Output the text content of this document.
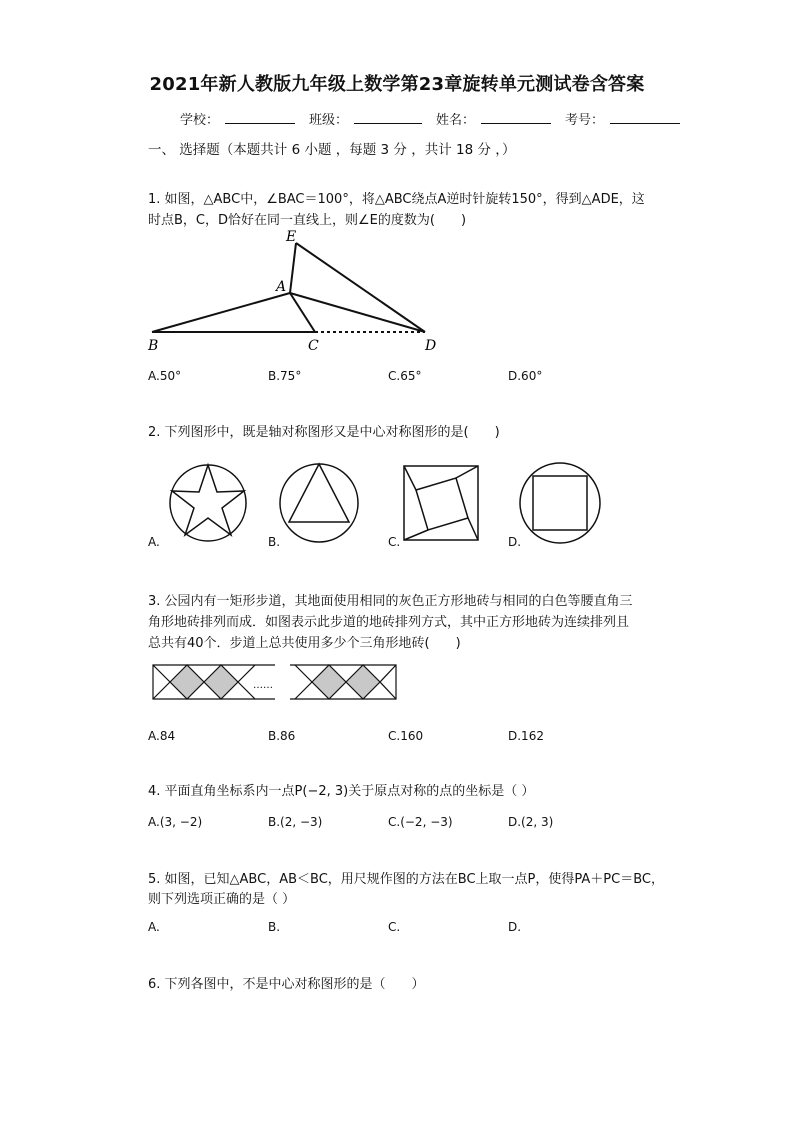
2021年新人教版九年级上数学第23章旋转单元测试卷含答案
学校：	班级：	姓名：	考号：
一、 选择题（本题共计 6 小题 ，每题 3 分 ，共计 18 分 ，）
1. 如图，△ABC中，∠BAC＝100°，将△ABC绕点A逆时针旋转150°，得到△ADE，这
时点B，C，D恰好在同一直线上，则∠E的度数为(　　)
E
A
B	C	D
A.50°	B.75°	C.65°	D.60°
2. 下列图形中，既是轴对称图形又是中心对称图形的是(　　)
A.	B.	C.	D.
3. 公园内有一矩形步道，其地面使用相同的灰色正方形地砖与相同的白色等腰直角三
角形地砖排列而成．如图表示此步道的地砖排列方式，其中正方形地砖为连续排列且
总共有40个．步道上总共使用多少个三角形地砖(　　)
……
A.84	B.86	C.160	D.162
4. 平面直角坐标系内一点P(−2, 3)关于原点对称的点的坐标是（ ）
A.(3, −2)	B.(2, −3)	C.(−2, −3)	D.(2, 3)
5. 如图，已知△ABC，AB＜BC，用尺规作图的方法在BC上取一点P，使得PA＋PC＝BC，
则下列选项正确的是（ ）
A.	B.	C.	D.
6. 下列各图中，不是中心对称图形的是（　　）
